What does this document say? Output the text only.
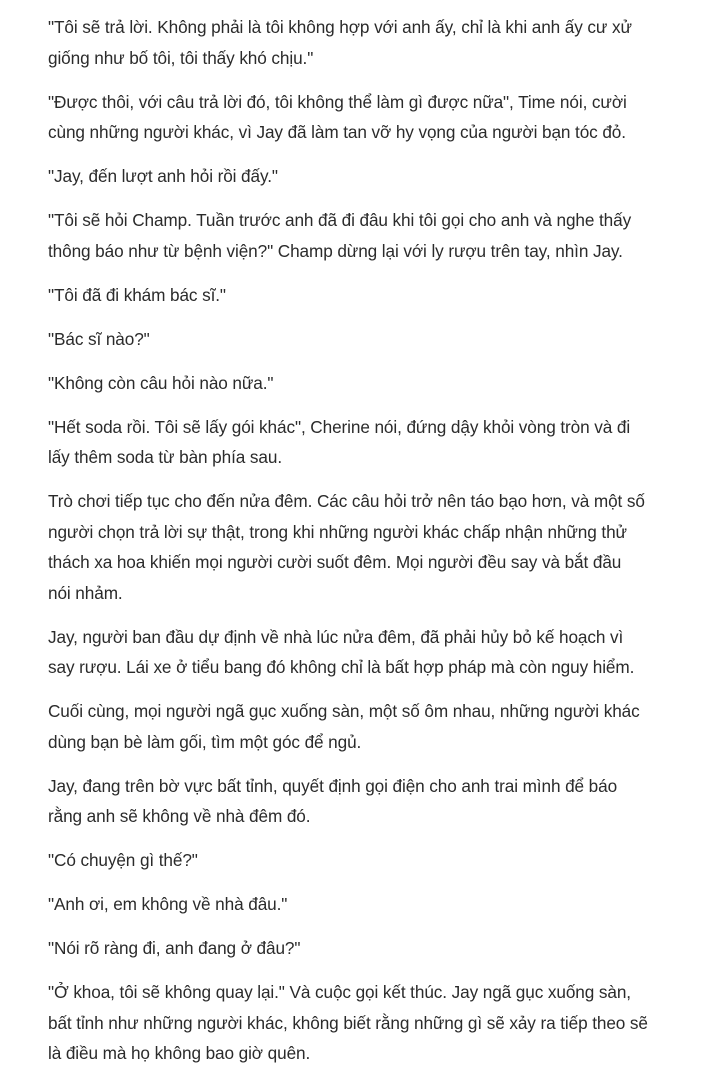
"Tôi sẽ trả lời. Không phải là tôi không hợp với anh ấy, chỉ là khi anh ấy cư xử giống như bố tôi, tôi thấy khó chịu."

"Được thôi, với câu trả lời đó, tôi không thể làm gì được nữa", Time nói, cười cùng những người khác, vì Jay đã làm tan vỡ hy vọng của người bạn tóc đỏ.

"Jay, đến lượt anh hỏi rồi đấy."

"Tôi sẽ hỏi Champ. Tuần trước anh đã đi đâu khi tôi gọi cho anh và nghe thấy thông báo như từ bệnh viện?" Champ dừng lại với ly rượu trên tay, nhìn Jay.

"Tôi đã đi khám bác sĩ."

"Bác sĩ nào?"

"Không còn câu hỏi nào nữa."

"Hết soda rồi. Tôi sẽ lấy gói khác", Cherine nói, đứng dậy khỏi vòng tròn và đi lấy thêm soda từ bàn phía sau.

Trò chơi tiếp tục cho đến nửa đêm. Các câu hỏi trở nên táo bạo hơn, và một số người chọn trả lời sự thật, trong khi những người khác chấp nhận những thử thách xa hoa khiến mọi người cười suốt đêm. Mọi người đều say và bắt đầu nói nhảm.

Jay, người ban đầu dự định về nhà lúc nửa đêm, đã phải hủy bỏ kế hoạch vì say rượu. Lái xe ở tiểu bang đó không chỉ là bất hợp pháp mà còn nguy hiểm.

Cuối cùng, mọi người ngã gục xuống sàn, một số ôm nhau, những người khác dùng bạn bè làm gối, tìm một góc để ngủ.

Jay, đang trên bờ vực bất tỉnh, quyết định gọi điện cho anh trai mình để báo rằng anh sẽ không về nhà đêm đó.

"Có chuyện gì thế?"

"Anh ơi, em không về nhà đâu."

"Nói rõ ràng đi, anh đang ở đâu?"

"Ở khoa, tôi sẽ không quay lại." Và cuộc gọi kết thúc. Jay ngã gục xuống sàn, bất tỉnh như những người khác, không biết rằng những gì sẽ xảy ra tiếp theo sẽ là điều mà họ không bao giờ quên.
